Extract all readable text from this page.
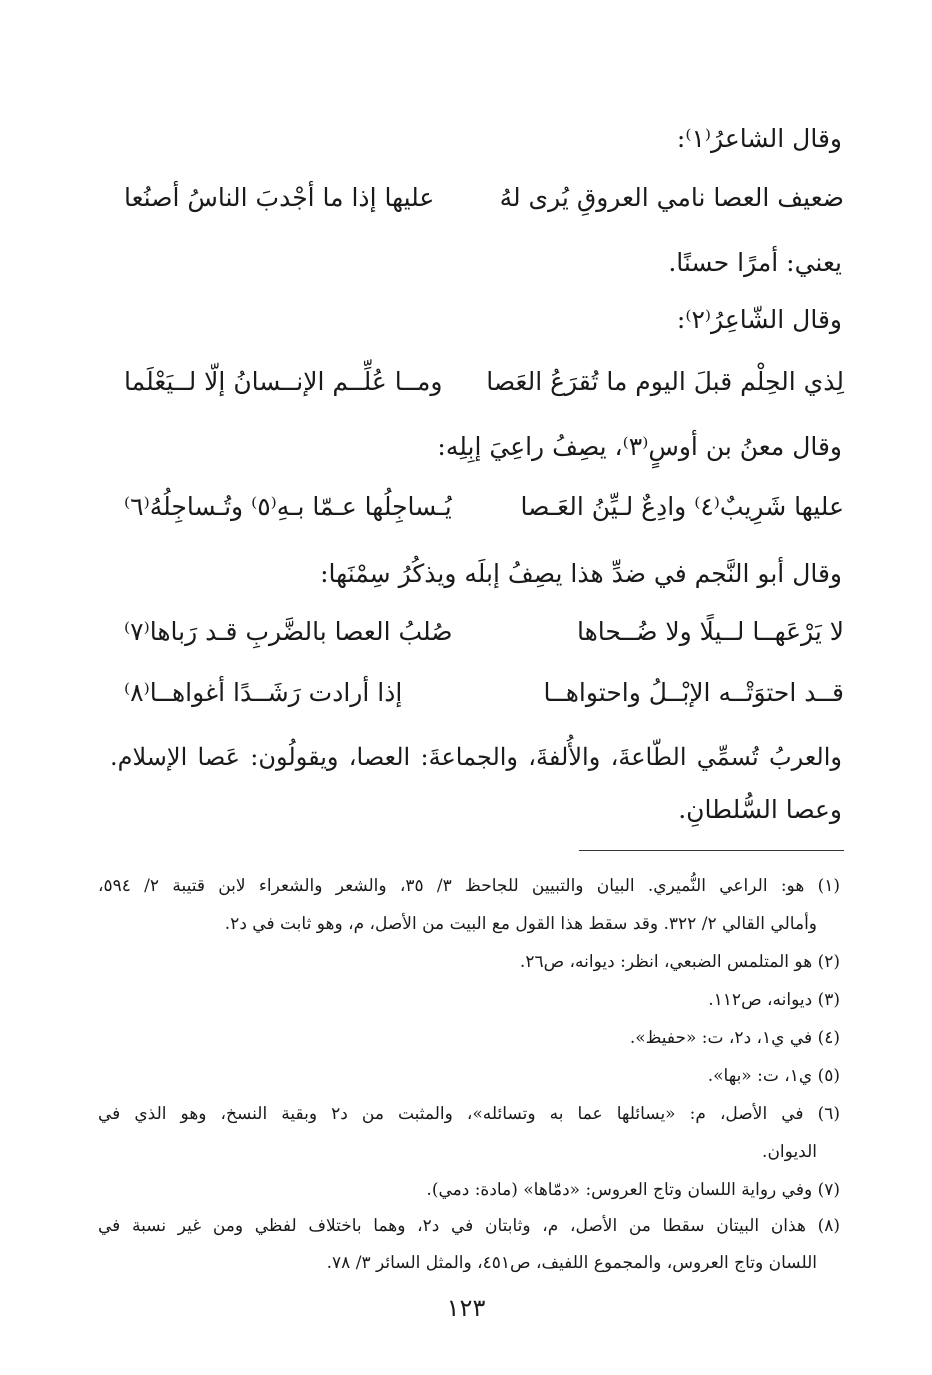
وقال الشاعرُ⁽١⁾:
ضعيف العصا نامي العروقِ يُرى لهُ
عليها إذا ما أجْدبَ الناسُ أصنُعا
يعني: أمرًا حسنًا.
وقال الشّاعِرُ⁽٢⁾:
لِذي الحِلْم قبلَ اليوم ما تُقرَعُ العَصا
ومــا عُلِّــم الإنــسانُ إلّا لــيَعْلَما
وقال معنُ بن أوسٍ⁽٣⁾، يصِفُ راعِيَ إبِلِه:
عليها شَرِيبٌ⁽٤⁾ وادِعٌ لـيِّنُ العَـصا
يُـساجِلُها عـمّا بـهِ⁽٥⁾ وتُـساجِلُهُ⁽٦⁾
وقال أبو النَّجم في ضدِّ هذا يصِفُ إبلَه ويذكُرُ سِمْنَها:
لا يَرْعَهــا لــيلًا ولا ضُــحاها
صُلبُ العصا بالضَّربِ قـد رَباها⁽٧⁾
قــد احتوَتْــه الإبْــلُ واحتواهــا
إذا أرادت رَشَــدًا أغواهــا⁽٨⁾
والعربُ تُسمِّي الطّاعةَ، والأُلفةَ، والجماعةَ: العصا، ويقولُون: عَصا الإسلام.
وعصا السُّلطانِ.
(١) هو: الراعي النُّميري. البيان والتبيين للجاحظ ٣/ ٣٥، والشعر والشعراء لابن قتيبة ٢/ ٥٩٤،
وأمالي القالي ٢/ ٣٢٢. وقد سقط هذا القول مع البيت من الأصل، م، وهو ثابت في د٢.
(٢) هو المتلمس الضبعي، انظر: ديوانه، ص٢٦.
(٣) ديوانه، ص١١٢.
(٤) في ي١، د٢، ت: «حفيظ».
(٥) ي١، ت: «بها».
(٦) في الأصل، م: «يسائلها عما به وتسائله»، والمثبت من د٢ وبقية النسخ، وهو الذي في
الديوان.
(٧) وفي رواية اللسان وتاج العروس: «دمّاها» (مادة: دمي).
(٨) هذان البيتان سقطا من الأصل، م، وثابتان في د٢، وهما باختلاف لفظي ومن غير نسبة في
اللسان وتاج العروس، والمجموع اللفيف، ص٤٥١، والمثل السائر ٣/ ٧٨.
١٢٣
